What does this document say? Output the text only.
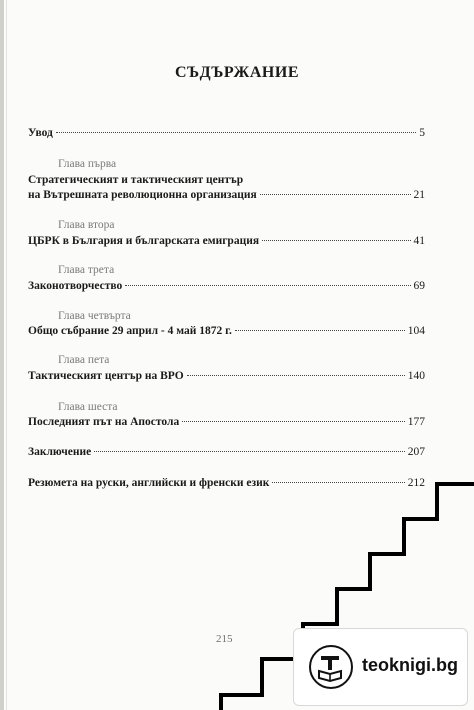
СЪДЪРЖАНИЕ
Увод	5
Глава първа
Стратегическият и тактическият център
на Вътрешната революционна организация	21
Глава втора
ЦБРК в България и българската емиграция	41
Глава трета
Законотворчество	69
Глава четвърта
Общо събрание 29 април - 4 май 1872 г.	104
Глава пета
Тактическият център на ВРО	140
Глава шеста
Последният път на Апостола	177
Заключение	207
Резюмета на руски, английски и френски език	212
215
teoknigi.bg
